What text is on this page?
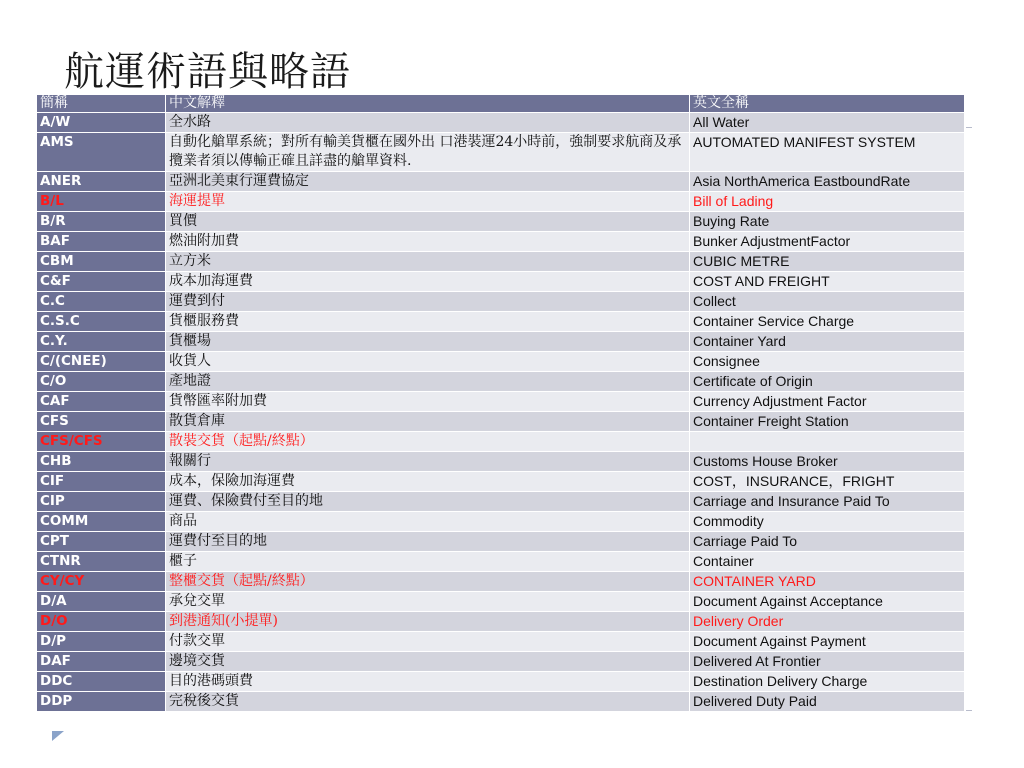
航運術語與略語
簡稱	中文解釋	英文全稱
A/W	全水路	All Water
AMS	自動化艙單系統；對所有輸美貨櫃在國外出 口港裝運24小時前，強制要求航商及承攬業者須以傳輸正確且詳盡的艙單資料.	AUTOMATED MANIFEST SYSTEM
ANER	亞洲北美東行運費協定	Asia NorthAmerica EastboundRate
B/L	海運提單	Bill of Lading
B/R	買價	Buying Rate
BAF	燃油附加費	Bunker AdjustmentFactor
CBM	立方米	CUBIC METRE
C&F	成本加海運費	COST AND FREIGHT
C.C	運費到付	Collect
C.S.C	貨櫃服務費	Container Service Charge
C.Y.	貨櫃場	Container Yard
C/(CNEE)	收貨人	Consignee
C/O	產地證	Certificate of Origin
CAF	貨幣匯率附加費	Currency Adjustment Factor
CFS	散貨倉庫	Container Freight Station
CFS/CFS	散裝交貨（起點/終點）	
CHB	報關行	Customs House Broker
CIF	成本，保險加海運費	COST，INSURANCE，FRIGHT
CIP	運費、保險費付至目的地	Carriage and Insurance Paid To
COMM	商品	Commodity
CPT	運費付至目的地	Carriage Paid To
CTNR	櫃子	Container
CY/CY	整櫃交貨（起點/終點）	CONTAINER YARD
D/A	承兌交單	Document Against Acceptance
D/O	到港通知(小提單)	Delivery Order
D/P	付款交單	Document Against Payment
DAF	邊境交貨	Delivered At Frontier
DDC	目的港碼頭費	Destination Delivery Charge
DDP	完稅後交貨	Delivered Duty Paid
